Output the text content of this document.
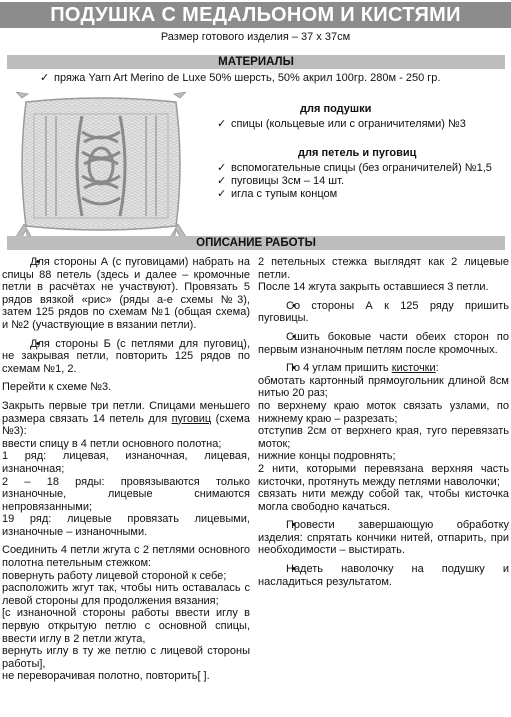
ПОДУШКА С МЕДАЛЬОНОМ И КИСТЯМИ
Размер готового изделия – 37 х 37см
МАТЕРИАЛЫ
✓ пряжа Yarn Art Merino de Luxe 50% шерсть, 50% акрил 100гр. 280м - 250 гр.
для подушки
✓ спицы (кольцевые или с ограничителями) №3
для петель и пуговиц
✓ вспомогательные спицы (без ограничителей) №1,5
✓ пуговицы 3см – 14 шт.
✓ игла с тупым концом
ОПИСАНИЕ РАБОТЫ

• Для стороны А (с пуговицами) набрать на спицы 88 петель (здесь и далее – кромочные петли в расчётах не участвуют). Провязать 5 рядов вязкой «рис» (ряды а-е схемы №3), затем 125 рядов по схемам №1 (общая схема) и №2 (участвующие в вязании петли).

• Для стороны Б (с петлями для пуговиц), не закрывая петли, повторить 125 рядов по схемам №1, 2.

Перейти к схеме №3.

Закрыть первые три петли. Спицами меньшего размера связать 14 петель для пуговиц (схема №3):

ввести спицу в 4 петли основного полотна;

1 ряд: лицевая, изнаночная, лицевая, изнаночная;

2 – 18 ряды: провязываются только изнаночные, лицевые снимаются непровязанными;

19 ряд: лицевые провязать лицевыми, изнаночные – изнаночными.

Соединить 4 петли жгута с 2 петлями основного полотна петельным стежком:

повернуть работу лицевой стороной к себе;

расположить жгут так, чтобы нить оставалась с левой стороны для продолжения вязания;

[с изнаночной стороны работы ввести иглу в первую открытую петлю с основной спицы, ввести иглу в 2 петли жгута,

вернуть иглу в ту же петлю с лицевой стороны работы],

не переворачивая полотно, повторить[ ].

2 петельных стежка выглядят как 2 лицевые петли.

После 14 жгута закрыть оставшиеся 3 петли.

• Со стороны А к 125 ряду пришить пуговицы.

• Сшить боковые части обеих сторон по первым изнаночным петлям после кромочных.

• По 4 углам пришить кисточки:

обмотать картонный прямоугольник длиной 8см нитью 20 раз;

по верхнему краю моток связать узлами, по нижнему краю – разрезать;

отступив 2см от верхнего края, туго перевязать моток;

нижние концы подровнять;

2 нити, которыми перевязана верхняя часть кисточки, протянуть между петлями наволочки;

связать нити между собой так, чтобы кисточка могла свободно качаться.

• Провести завершающую обработку изделия: спрятать кончики нитей, отпарить, при необходимости – выстирать.

• Надеть наволочку на подушку и насладиться результатом.
